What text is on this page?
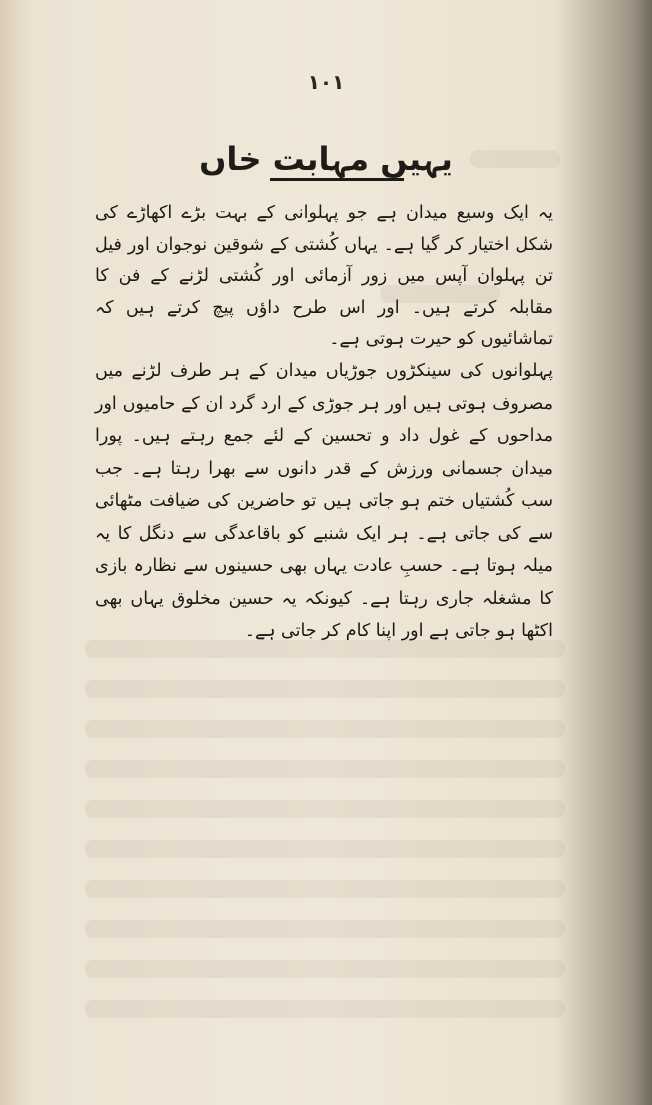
۱۰۱
یہیں مہابت خاں
یہ ایک وسیع میدان ہے جو پہلوانی کے بہت بڑے اکھاڑے کی شکل اختیار کر گیا ہے۔ یہاں کُشتی کے شوقین نوجوان اور فیل تن پہلوان آپس میں زور آزمائی اور کُشتی لڑنے کے فن کا مقابلہ کرتے ہیں۔ اور اس طرح داؤں پیچ کرتے ہیں کہ تماشائیوں کو حیرت ہوتی ہے۔
پہلوانوں کی سینکڑوں جوڑیاں میدان کے ہر طرف لڑنے میں مصروف ہوتی ہیں اور ہر جوڑی کے ارد گرد ان کے حامیوں اور مداحوں کے غول داد و تحسین کے لئے جمع رہتے ہیں۔ پورا میدان جسمانی ورزش کے قدر دانوں سے بھرا رہتا ہے۔ جب سب کُشتیاں ختم ہو جاتی ہیں تو حاضرین کی ضیافت مٹھائی سے کی جاتی ہے۔ ہر ایک شنبے کو باقاعدگی سے دنگل کا یہ میلہ ہوتا ہے۔ حسبِ عادت یہاں بھی حسینوں سے نظارہ بازی کا مشغلہ جاری رہتا ہے۔ کیونکہ یہ حسین مخلوق یہاں بھی اکٹھا ہو جاتی ہے اور اپنا کام کر جاتی ہے۔
